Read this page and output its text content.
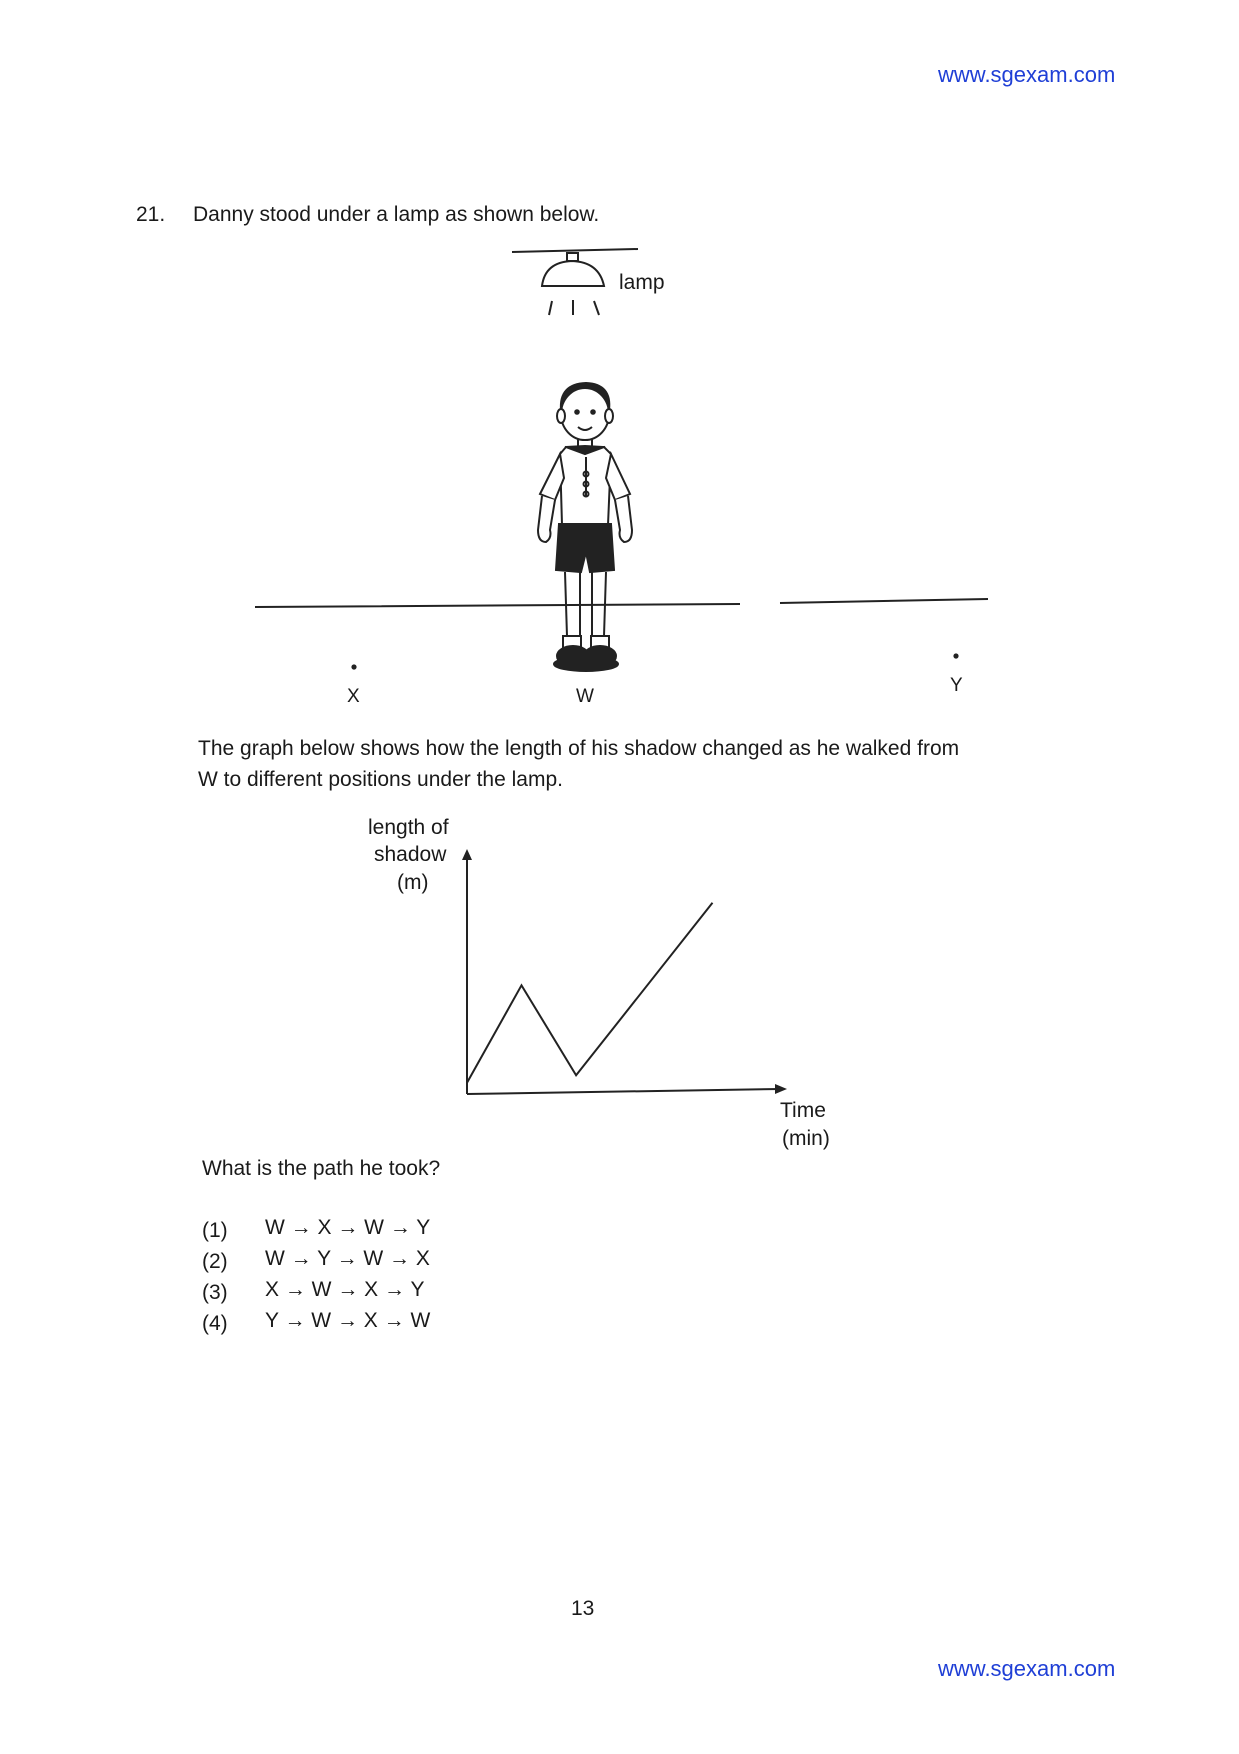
www.sgexam.com
21. Danny stood under a lamp as shown below.
lamp
X	W
Y
The graph below shows how the length of his shadow changed as he walked from
W to different positions under the lamp.
length of
shadow
(m)
Time
(min)
What is the path he took?
(1) W → X → W → Y
(2) W → Y → W → X
(3) X → W → X → Y
(4) Y → W → X → W
13
www.sgexam.com
